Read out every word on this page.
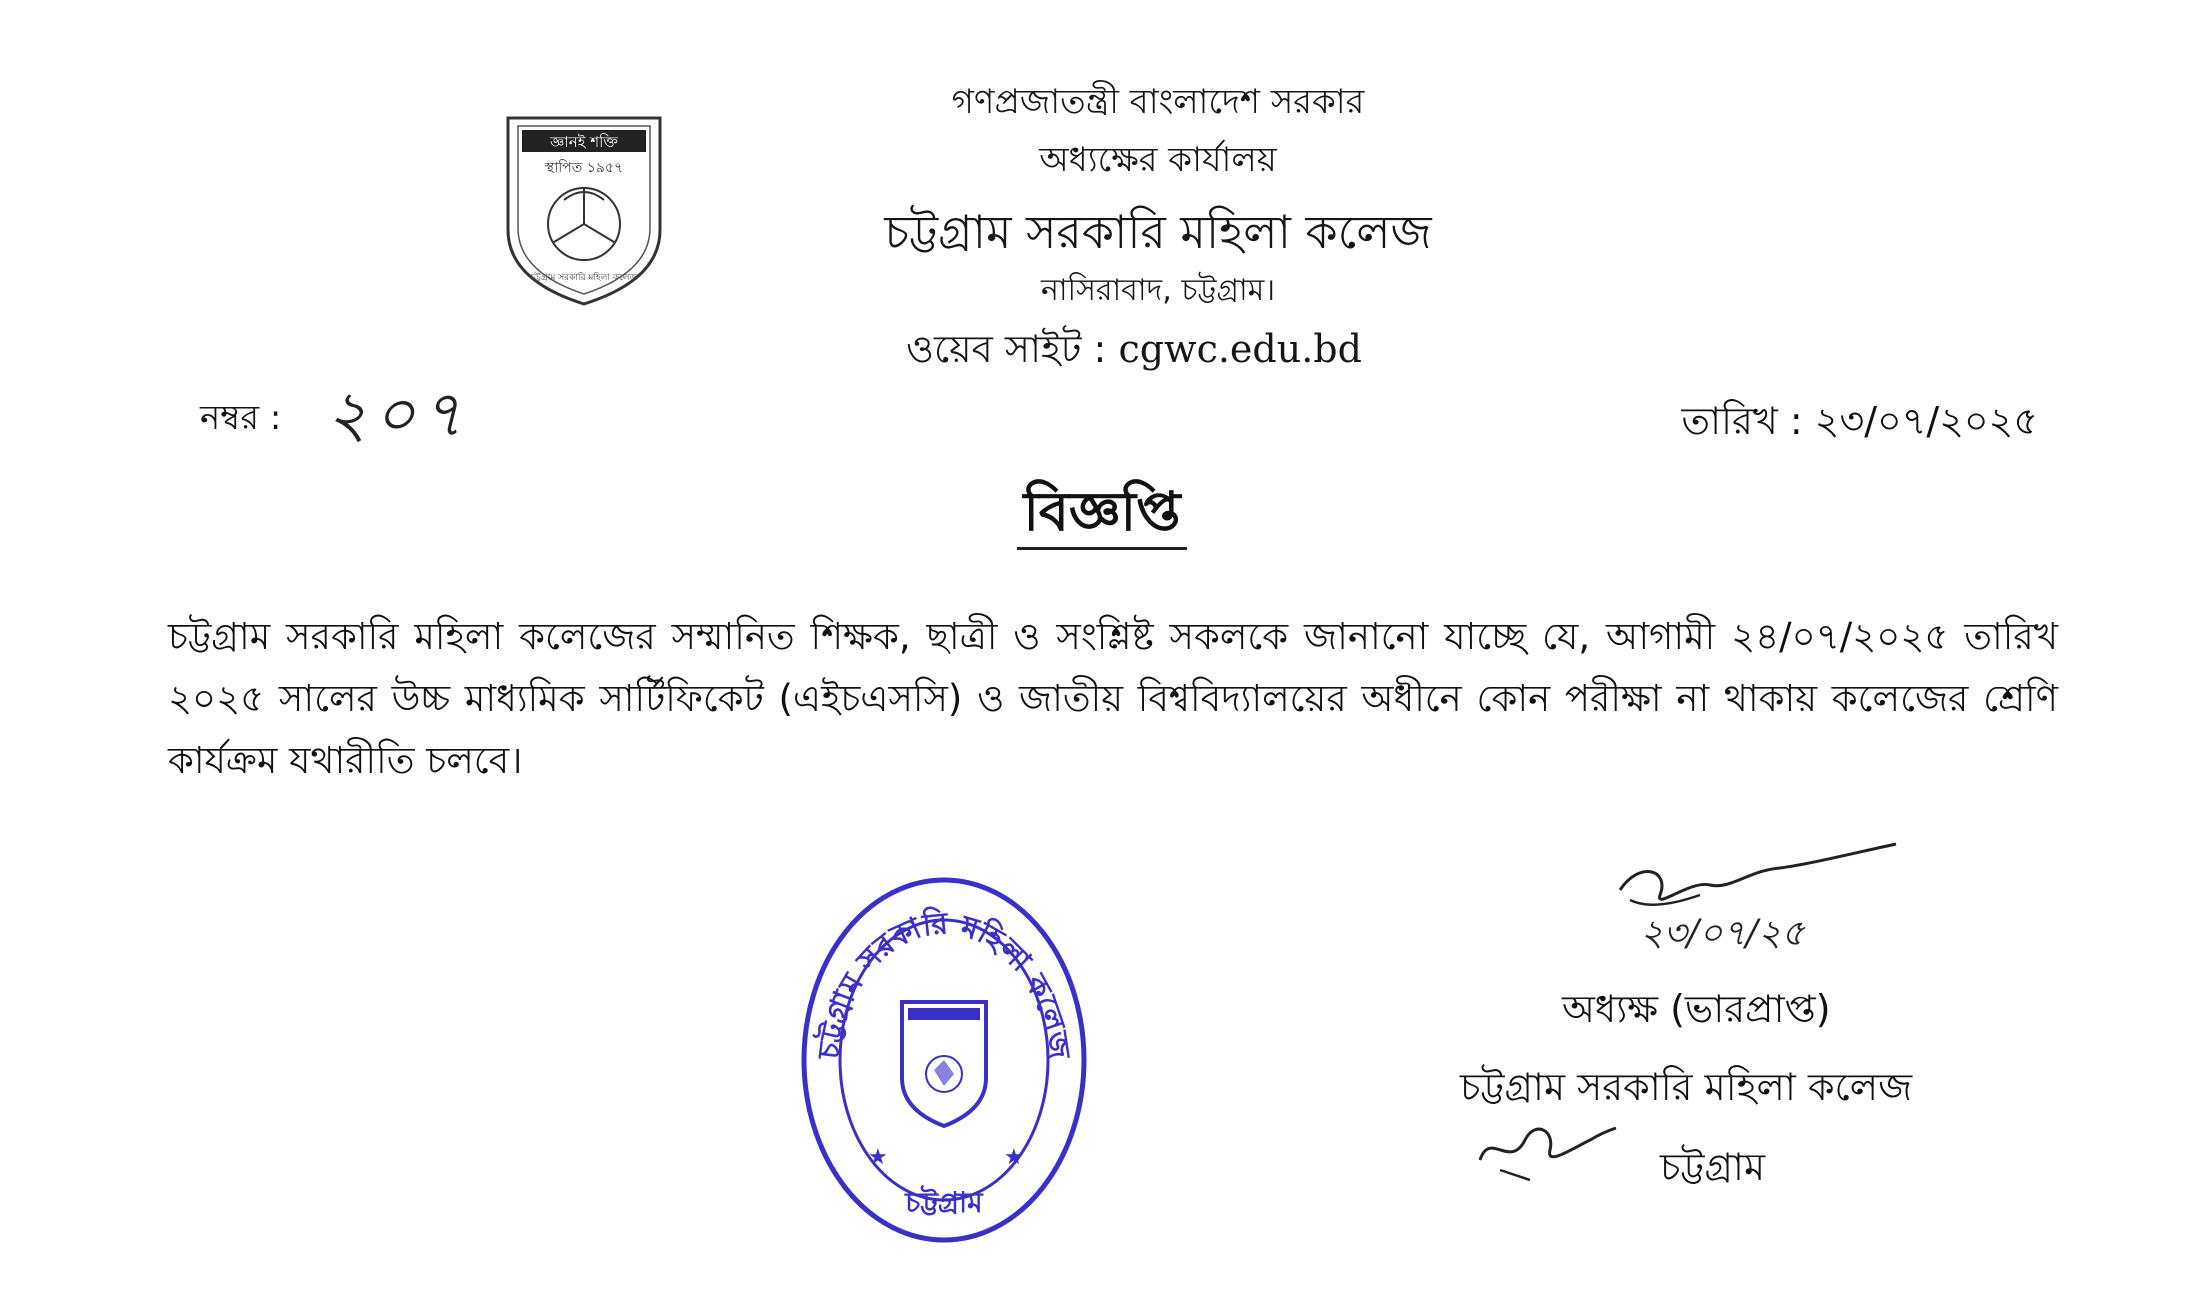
জ্ঞানই শক্তি
স্থাপিত ১৯৫৭
চট্টগ্রাম সরকারি মহিলা কলেজ
গণপ্রজাতন্ত্রী বাংলাদেশ সরকার
অধ্যক্ষের কার্যালয়
চট্টগ্রাম সরকারি মহিলা কলেজ
নাসিরাবাদ, চট্টগ্রাম।
ওয়েব সাইট : cgwc.edu.bd
নম্বর : ২০৭	তারিখ : ২৩/০৭/২০২৫
বিজ্ঞপ্তি
চট্টগ্রাম সরকারি মহিলা কলেজের সম্মানিত শিক্ষক, ছাত্রী ও সংশ্লিষ্ট সকলকে জানানো যাচ্ছে যে, আগামী ২৪/০৭/২০২৫ তারিখ ২০২৫ সালের উচ্চ মাধ্যমিক সার্টিফিকেট (এইচএসসি) ও জাতীয় বিশ্ববিদ্যালয়ের অধীনে কোন পরীক্ষা না থাকায় কলেজের শ্রেণি কার্যক্রম যথারীতি চলবে।
চট্টগ্রাম সরকারি মহিলা কলেজ
★	★
চট্টগ্রাম
২৩/০৭/২৫
অধ্যক্ষ (ভারপ্রাপ্ত)
চট্টগ্রাম সরকারি মহিলা কলেজ
চট্টগ্রাম
